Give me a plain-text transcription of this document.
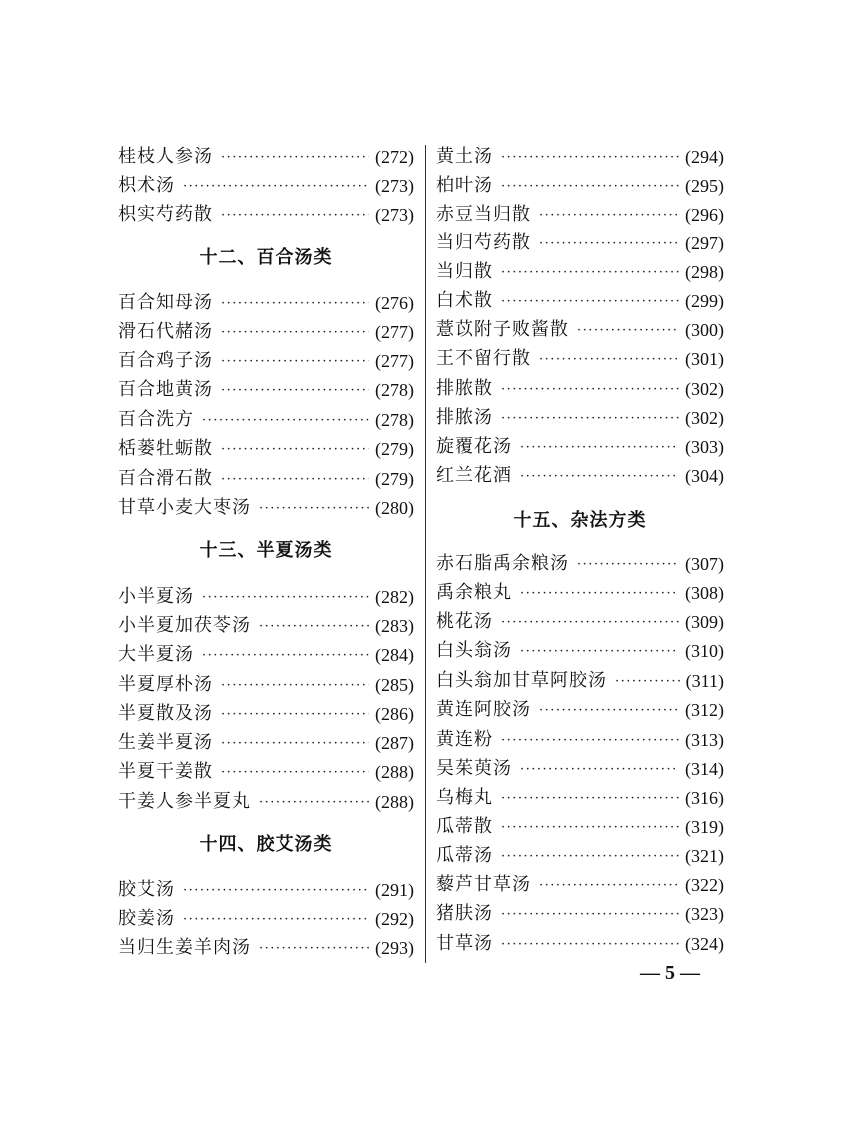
桂枝人参汤 ·····	(272)
枳术汤 ·····	(273)
枳实芍药散 ·····	(273)
十二、百合汤类
百合知母汤 ·····	(276)
滑石代赭汤 ·····	(277)
百合鸡子汤 ·····	(277)
百合地黄汤 ·····	(278)
百合洗方 ·····	(278)
栝蒌牡蛎散 ·····	(279)
百合滑石散 ·····	(279)
甘草小麦大枣汤 ·····	(280)
十三、半夏汤类
小半夏汤 ·····	(282)
小半夏加茯苓汤 ·····	(283)
大半夏汤 ·····	(284)
半夏厚朴汤 ·····	(285)
半夏散及汤 ·····	(286)
生姜半夏汤 ·····	(287)
半夏干姜散 ·····	(288)
干姜人参半夏丸 ·····	(288)
十四、胶艾汤类
胶艾汤 ·····	(291)
胶姜汤 ·····	(292)
当归生姜羊肉汤 ·····	(293)
黄土汤 ·····	(294)
柏叶汤 ·····	(295)
赤豆当归散 ·····	(296)
当归芍药散 ·····	(297)
当归散 ·····	(298)
白术散 ·····	(299)
薏苡附子败酱散 ·····	(300)
王不留行散 ·····	(301)
排脓散 ·····	(302)
排脓汤 ·····	(302)
旋覆花汤 ·····	(303)
红兰花酒 ·····	(304)
十五、杂法方类
赤石脂禹余粮汤 ·····	(307)
禹余粮丸 ·····	(308)
桃花汤 ·····	(309)
白头翁汤 ·····	(310)
白头翁加甘草阿胶汤 ·····	(311)
黄连阿胶汤 ·····	(312)
黄连粉 ·····	(313)
吴茱萸汤 ·····	(314)
乌梅丸 ·····	(316)
瓜蒂散 ·····	(319)
瓜蒂汤 ·····	(321)
藜芦甘草汤 ·····	(322)
猪肤汤 ·····	(323)
甘草汤 ·····	(324)
— 5 —
